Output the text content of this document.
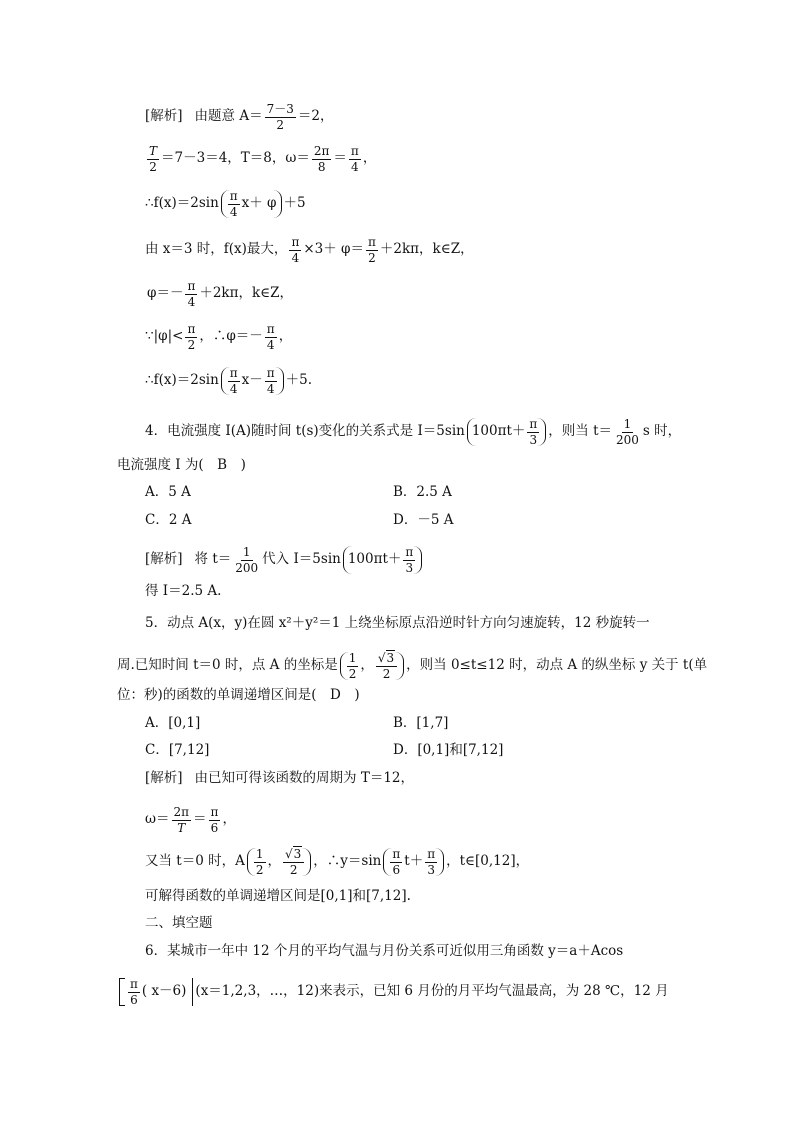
[解析] 由题意 $A= \frac{7-3}{2} =2$，
$\frac{T}{2} =7-3=4$，T＝8，$\omega= \frac{2\pi}{8} = \frac{\pi}{4}$ ，
∴f(x)＝2sin $\frac{\pi}{4} x+ \varphi +5$
由 x＝3 时，f(x)最大， $\frac{\pi}{4} \times 3+ \varphi= \frac{\pi}{2} +2k\pi$，k∈Z，
$\varphi=- \frac{\pi}{4} +2k\pi$，k∈Z，
∵|φ|< $\frac{\pi}{2}$ ，∴φ＝－ $\frac{\pi}{4}$ ，
∴f(x)＝2sin $\frac{\pi}{4} x- \frac{\pi}{4} +5$.
4．电流强度 I(A)随时间 t(s)变化的关系式是 I＝5sin $100\pi t+ \frac{\pi}{3}$ ，则当 $t= \frac{1}{200}$ s 时，
电流强度 I 为(　B　)
A．5 A	B．2.5 A
C．2 A	D．－5 A
[解析] 将 $t= \frac{1}{200}$ 代入 I＝5sin $100\pi t+ \frac{\pi}{3}$
得 I＝2.5 A.
5．动点 A(x，y)在圆 x²＋y²＝1 上绕坐标原点沿逆时针方向匀速旋转，12 秒旋转一
周.已知时间 t＝0 时，点 A 的坐标是 $\frac{1}{2}$ ， $\frac{√3}{2}$ ，则当 0≤t≤12 时，动点 A 的纵坐标 y 关于 t(单
位：秒)的函数的单调递增区间是(　D　)
A．[0,1]	B．[1,7]
C．[7,12]	D．[0,1]和[7,12]
[解析] 由已知可得该函数的周期为 T＝12，
$\omega= \frac{2\pi}{T} = \frac{\pi}{6}$ ，
又当 t＝0 时，A $\frac{1}{2}$ ， $\frac{√3}{2}$ ，∴y＝sin $\frac{\pi}{6} t+ \frac{\pi}{3}$ ，t∈[0,12]，
可解得函数的单调递增区间是[0,1]和[7,12].
二、填空题
6．某城市一年中 12 个月的平均气温与月份关系可近似用三角函数 y＝a＋Acos
$\frac{\pi}{6}$ ( x－6) (x＝1,2,3，…，12)来表示，已知 6 月份的月平均气温最高，为 28 ℃，12 月
